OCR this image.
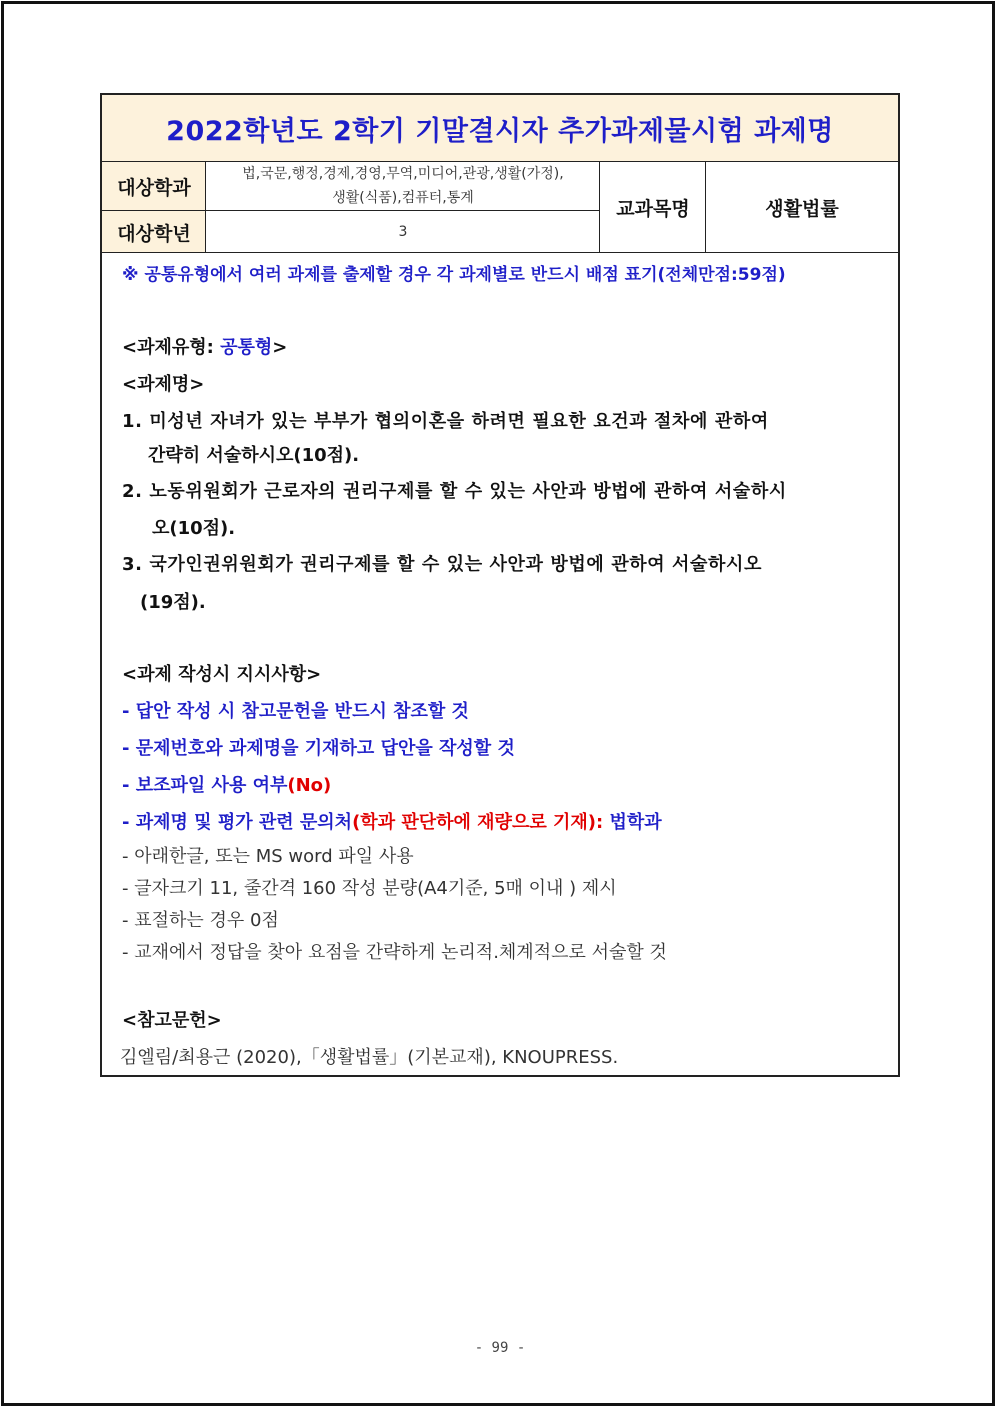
2022학년도 2학기 기말결시자 추가과제물시험 과제명
대상학과
법,국문,행정,경제,경영,무역,미디어,관광,생활(가정),
생활(식품),컴퓨터,통계
대상학년	3
교과목명	생활법률
※ 공통유형에서 여러 과제를 출제할 경우 각 과제별로 반드시 배점 표기(전체만점:59점)
<과제유형: 공통형>
<과제명>
1. 미성년 자녀가 있는 부부가 협의이혼을 하려면 필요한 요건과 절차에 관하여
간략히 서술하시오(10점).
2. 노동위원회가 근로자의 권리구제를 할 수 있는 사안과 방법에 관하여 서술하시
오(10점).
3. 국가인권위원회가 권리구제를 할 수 있는 사안과 방법에 관하여 서술하시오
(19점).
<과제 작성시 지시사항>
- 답안 작성 시 참고문헌을 반드시 참조할 것
- 문제번호와 과제명을 기재하고 답안을 작성할 것
- 보조파일 사용 여부(No)
- 과제명 및 평가 관련 문의처(학과 판단하에 재량으로 기재): 법학과
- 아래한글, 또는 MS word 파일 사용
- 글자크기 11, 줄간격 160 작성 분량(A4기준, 5매 이내 ) 제시
- 표절하는 경우 0점
- 교재에서 정답을 찾아 요점을 간략하게 논리적.체계적으로 서술할 것
<참고문헌>
김엘림/최용근 (2020),「생활법률」(기본교재), KNOUPRESS.
- 99 -
